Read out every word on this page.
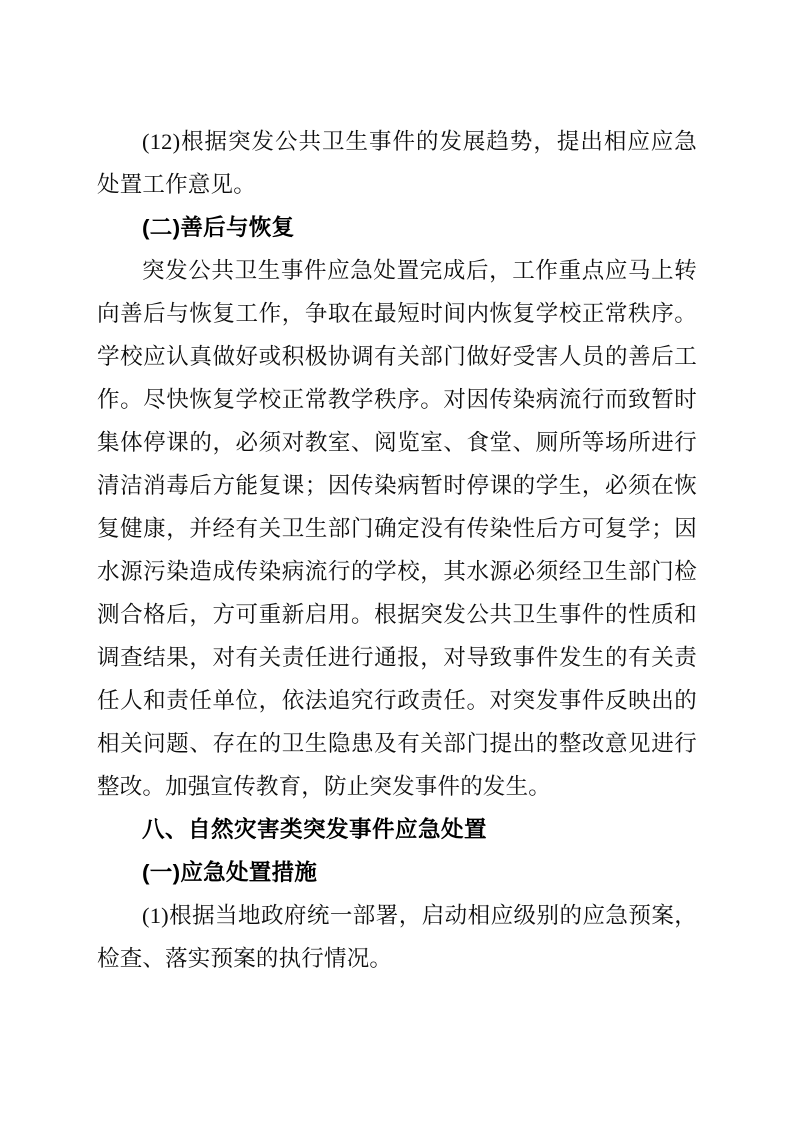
(12)根据突发公共卫生事件的发展趋势，提出相应应急处置工作意见。

(二)善后与恢复

突发公共卫生事件应急处置完成后，工作重点应马上转向善后与恢复工作，争取在最短时间内恢复学校正常秩序。学校应认真做好或积极协调有关部门做好受害人员的善后工作。尽快恢复学校正常教学秩序。对因传染病流行而致暂时集体停课的，必须对教室、阅览室、食堂、厕所等场所进行清洁消毒后方能复课；因传染病暂时停课的学生，必须在恢复健康，并经有关卫生部门确定没有传染性后方可复学；因水源污染造成传染病流行的学校，其水源必须经卫生部门检测合格后，方可重新启用。根据突发公共卫生事件的性质和调查结果，对有关责任进行通报，对导致事件发生的有关责任人和责任单位，依法追究行政责任。对突发事件反映出的相关问题、存在的卫生隐患及有关部门提出的整改意见进行整改。加强宣传教育，防止突发事件的发生。

八、自然灾害类突发事件应急处置

(一)应急处置措施

(1)根据当地政府统一部署，启动相应级别的应急预案，检查、落实预案的执行情况。
